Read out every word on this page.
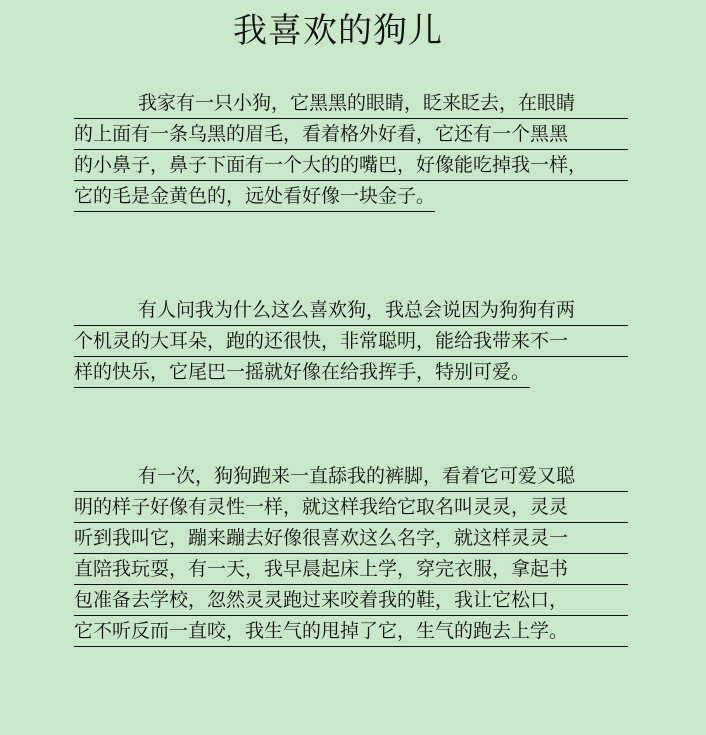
我喜欢的狗儿
我家有一只小狗，它黑黑的眼睛，眨来眨去，在眼睛
的上面有一条乌黑的眉毛，看着格外好看，它还有一个黑黑
的小鼻子，鼻子下面有一个大的的嘴巴，好像能吃掉我一样，
它的毛是金黄色的，远处看好像一块金子。
有人问我为什么这么喜欢狗，我总会说因为狗狗有两
个机灵的大耳朵，跑的还很快，非常聪明，能给我带来不一
样的快乐，它尾巴一摇就好像在给我挥手，特别可爱。
有一次，狗狗跑来一直舔我的裤脚，看着它可爱又聪
明的样子好像有灵性一样，就这样我给它取名叫灵灵，灵灵
听到我叫它，蹦来蹦去好像很喜欢这么名字，就这样灵灵一
直陪我玩耍，有一天，我早晨起床上学，穿完衣服，拿起书
包准备去学校，忽然灵灵跑过来咬着我的鞋，我让它松口，
它不听反而一直咬，我生气的甩掉了它，生气的跑去上学。
